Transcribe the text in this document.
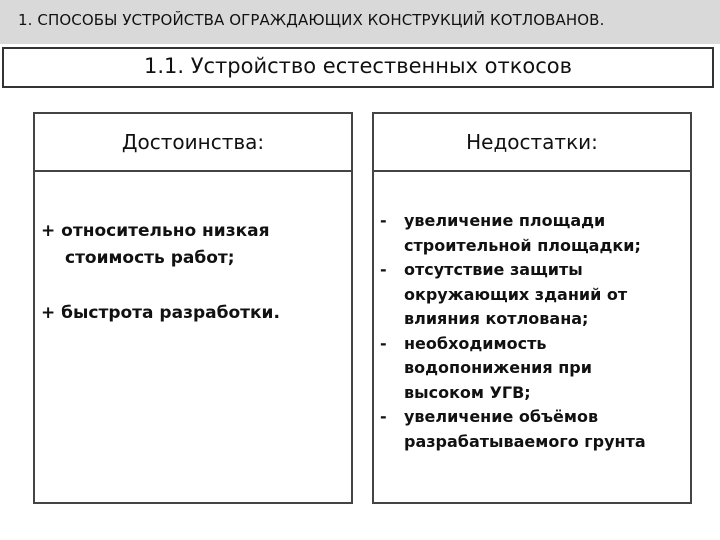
1. СПОСОБЫ УСТРОЙСТВА ОГРАЖДАЮЩИХ КОНСТРУКЦИЙ КОТЛОВАНОВ.
1.1. Устройство естественных откосов
Достоинства:
+ относительно низкая
стоимость работ;
+ быстрота разработки.
Недостатки:
- увеличение площади
строительной площадки;
- отсутствие защиты
окружающих зданий от
влияния котлована;
- необходимость
водопонижения при
высоком УГВ;
- увеличение объёмов
разрабатываемого грунта
